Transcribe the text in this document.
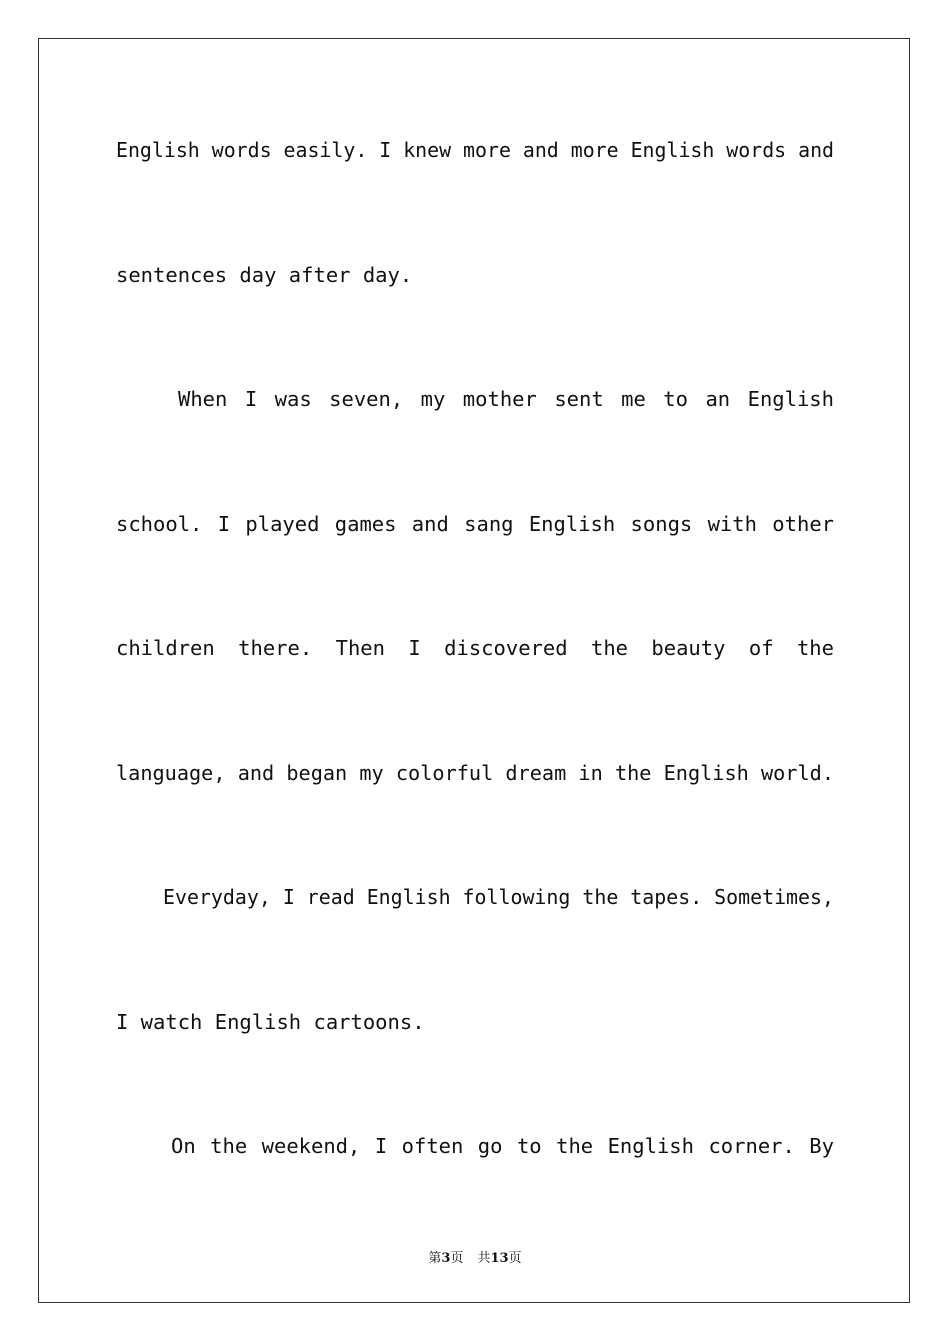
English words easily. I knew more and more English words and
sentences day after day.
When I was seven, my mother sent me to an English
school. I played games and sang English songs with other
children there. Then I discovered the beauty of the
language, and began my colorful dream in the English world.
Everyday, I read English following the tapes. Sometimes,
I watch English cartoons.
On the weekend, I often go to the English corner. By
第3页 共13页
